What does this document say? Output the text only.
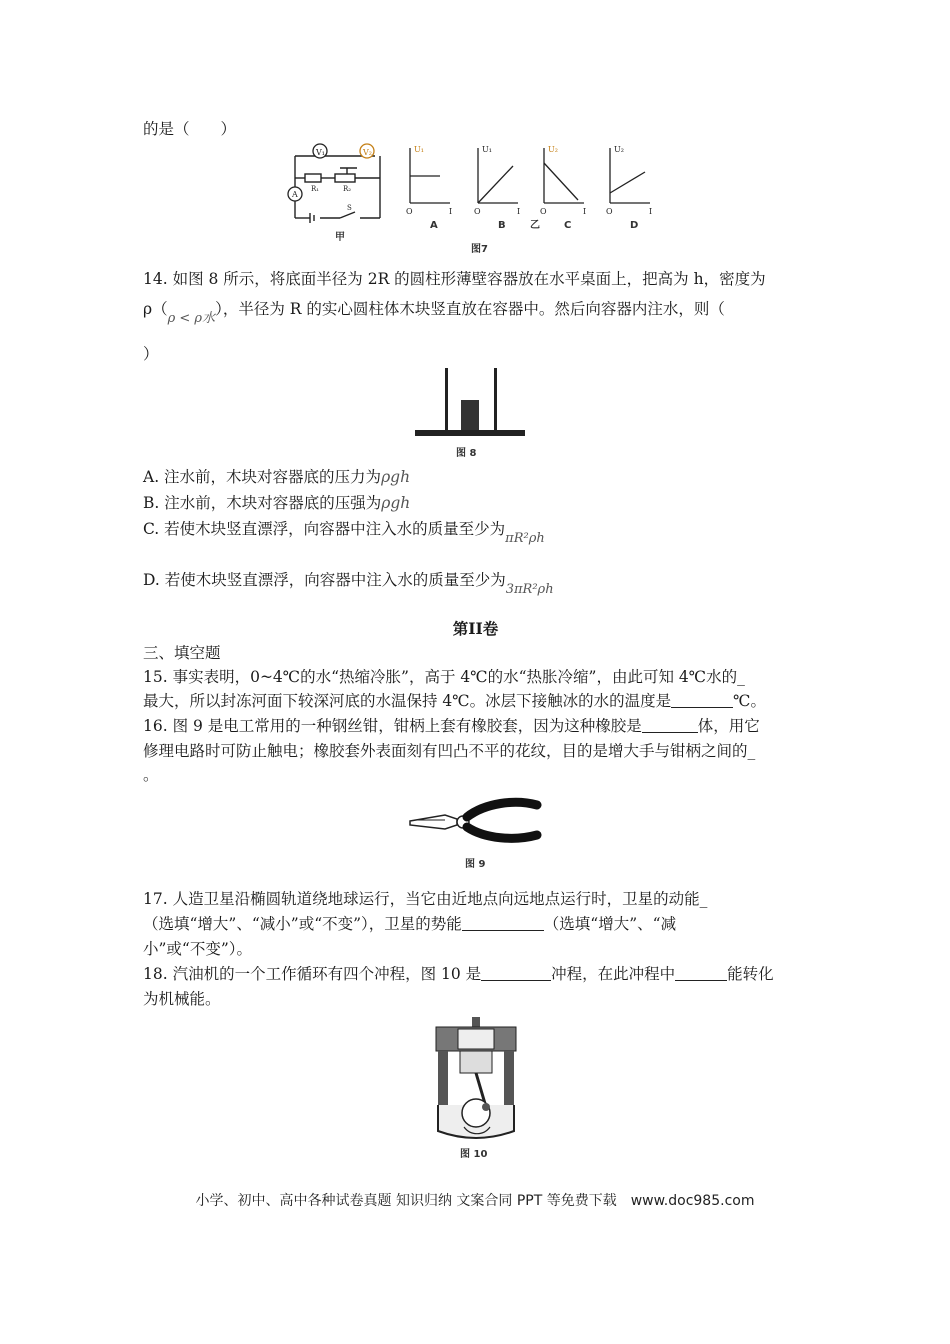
的是（　　）
V₁	V₂
A
R₁	R₂
S
甲
U₁	U₁	U₂	U₂
O	I	O	I O	I O	I
A	B	C	D
乙
图7
14. 如图 8 所示，将底面半径为 2R 的圆柱形薄壁容器放在水平桌面上，把高为 h，密度为
$\rho(_{\rho < \rho 水})$，半径为 R 的实心圆柱体木块竖直放在容器中。然后向容器内注水，则（
）
图 8
A. 注水前，木块对容器底的压力为ρgh
B. 注水前，木块对容器底的压强为ρgh
C. 若使木块竖直漂浮，向容器中注入水的质量至少为$_{\pi R^2\rho h}$
D. 若使木块竖直漂浮，向容器中注入水的质量至少为$_{3\pi R^2\rho h}$
第II卷
三、填空题
15. 事实表明，0~4℃的水“热缩冷胀”，高于 4℃的水“热胀冷缩”，由此可知 4℃水的_
最大，所以封冻河面下较深河底的水温保持 4℃。冰层下接触冰的水的温度是	℃。
16. 图 9 是电工常用的一种钢丝钳，钳柄上套有橡胶套，因为这种橡胶是	体，用它
修理电路时可防止触电；橡胶套外表面刻有凹凸不平的花纹，目的是增大手与钳柄之间的_
。
图 9
17. 人造卫星沿椭圆轨道绕地球运行，当它由近地点向远地点运行时，卫星的动能_
（选填“增大”、“减小”或“不变”），卫星的势能	（选填“增大”、“减
小”或“不变”）。
18. 汽油机的一个工作循环有四个冲程，图 10 是	冲程，在此冲程中	能转化
为机械能。
图 10
小学、初中、高中各种试卷真题 知识归纳 文案合同 PPT 等免费下载　www.doc985.com
